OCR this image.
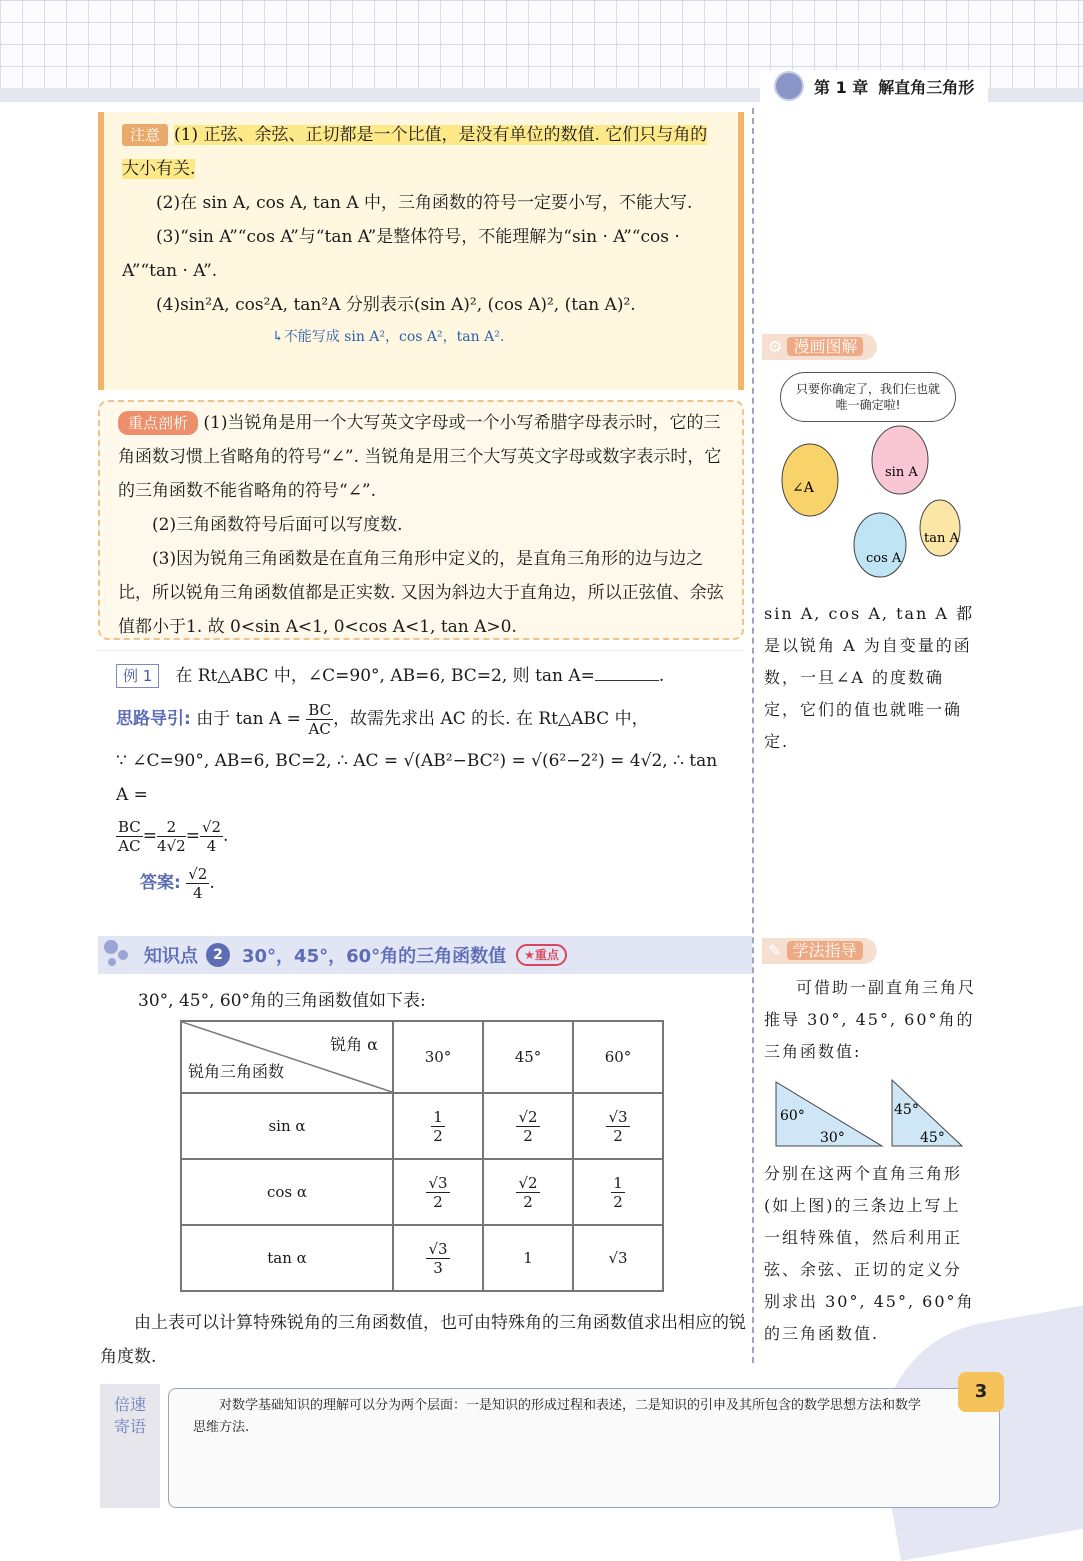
第 1 章 解直角三角形

注意 (1) 正弦、余弦、正切都是一个比值，是没有单位的数值. 它们只与角的大小有关.

(2)在 sin A, cos A, tan A 中，三角函数的符号一定要小写，不能大写.

(3)“sin A”“cos A”与“tan A”是整体符号，不能理解为“sin · A”“cos · A”“tan · A”.

(4)sin²A, cos²A, tan²A 分别表示(sin A)², (cos A)², (tan A)².

↳不能写成 sin A²，cos A²，tan A².

重点剖析 (1)当锐角是用一个大写英文字母或一个小写希腊字母表示时，它的三角函数习惯上省略角的符号“∠”. 当锐角是用三个大写英文字母或数字表示时，它的三角函数不能省略角的符号“∠”.

(2)三角函数符号后面可以写度数.

(3)因为锐角三角函数是在直角三角形中定义的，是直角三角形的边与边之比，所以锐角三角函数值都是正实数. 又因为斜边大于直角边，所以正弦值、余弦值都小于1. 故 0<sin A<1, 0<cos A<1, tan A>0.

例 1 在 Rt△ABC 中，∠C=90°, AB=6, BC=2, 则 tan A=	.

思路导引: 由于 $\tan A = \frac{BC}{AC}$ ，故需先求出 AC 的长. 在 Rt△ABC 中，

∵ ∠C=90°, AB=6, BC=2, ∴ AC = √(AB²−BC²) = √(6²−2²) = 4√2, ∴ tan A =

$\frac{BC}{AC} = \frac{2}{4√2} = \frac{√2}{4}$ .

答案: $\frac{√2}{4}$ .

知识点	2	30°，45°，60°角的三角函数值	★重点
30°, 45°, 60°角的三角函数值如下表:
锐角 α
锐角三角函数	30°	45°	60°
sin α	$\frac{1}{2}$	$\frac{√2}{2}$	$\frac{√3}{2}$

cos α	$\frac{√3}{2}$	$\frac{√2}{2}$	$\frac{1}{2}$

tan α	$\frac{√3}{3}$	1	√3

由上表可以计算特殊锐角的三角函数值，也可由特殊角的三角函数值求出相应的锐角度数.

⚙ 漫画图解
只要你确定了，我们仨也就唯一确定啦!
∠A
sin A
cos A
tan A
sin A, cos A, tan A 都是以锐角 A 为自变量的函数，一旦∠A 的度数确定，它们的值也就唯一确定.
✎ 学法指导
可借助一副直角三角尺推导 30°, 45°, 60°角的三角函数值:
60°
30°
45°
45°
分别在这两个直角三角形(如上图)的三条边上写上一组特殊值，然后利用正弦、余弦、正切的定义分别求出 30°, 45°, 60°角的三角函数值.
倍速
寄语
对数学基础知识的理解可以分为两个层面：一是知识的形成过程和表述，二是知识的引申及其所包含的数学思想方法和数学思维方法.
3
